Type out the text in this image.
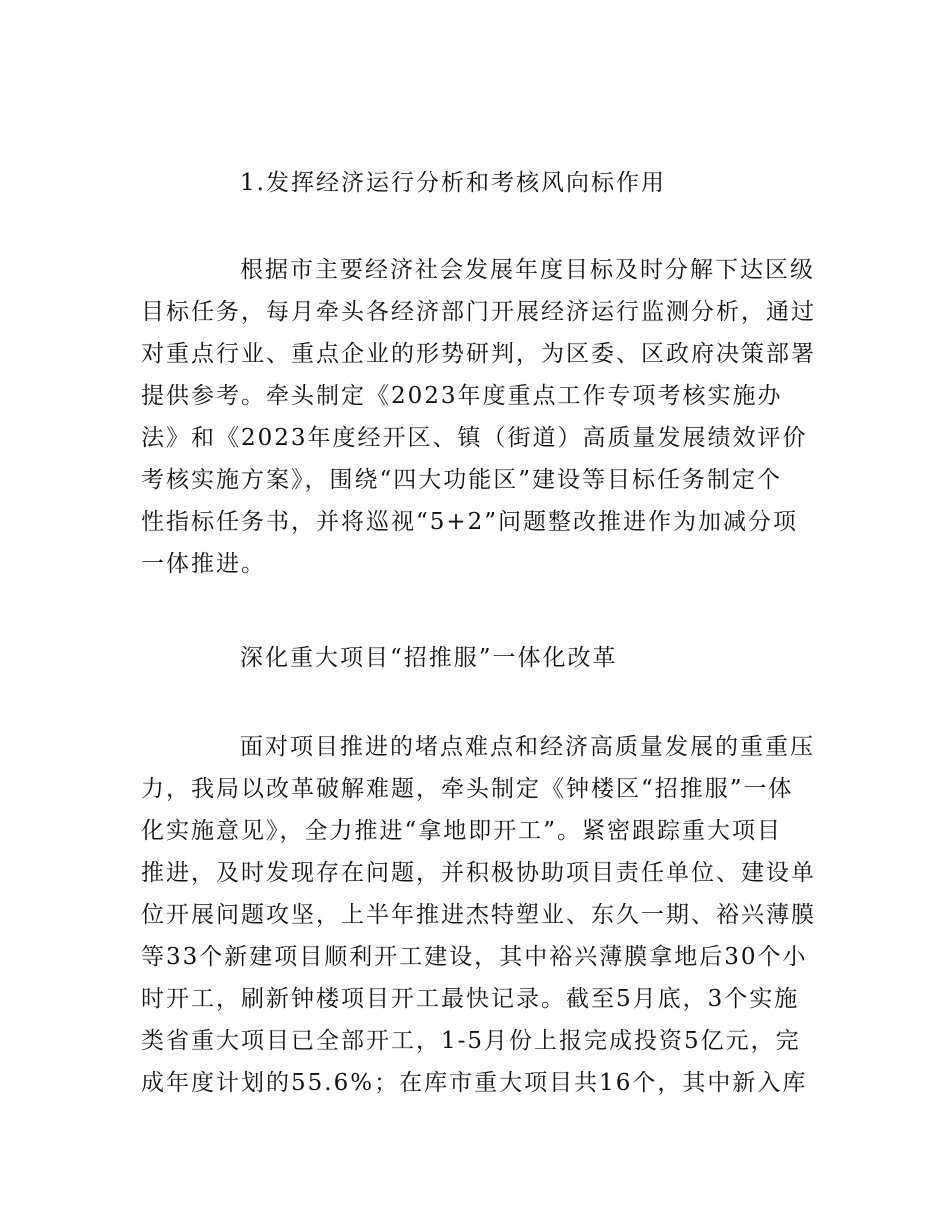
1.发挥经济运行分析和考核风向标作用
根据市主要经济社会发展年度目标及时分解下达区级
目标任务，每月牵头各经济部门开展经济运行监测分析，通过
对重点行业、重点企业的形势研判，为区委、区政府决策部署
提供参考。牵头制定《2023年度重点工作专项考核实施办
法》和《2023年度经开区、镇（街道）高质量发展绩效评价
考核实施方案》，围绕“四大功能区”建设等目标任务制定个
性指标任务书，并将巡视“5+2”问题整改推进作为加减分项
一体推进。
深化重大项目“招推服”一体化改革
面对项目推进的堵点难点和经济高质量发展的重重压
力，我局以改革破解难题，牵头制定《钟楼区“招推服”一体
化实施意见》，全力推进“拿地即开工”。紧密跟踪重大项目
推进，及时发现存在问题，并积极协助项目责任单位、建设单
位开展问题攻坚，上半年推进杰特塑业、东久一期、裕兴薄膜
等33个新建项目顺利开工建设，其中裕兴薄膜拿地后30个小
时开工，刷新钟楼项目开工最快记录。截至5月底，3个实施
类省重大项目已全部开工，1-5月份上报完成投资5亿元，完
成年度计划的55.6%；在库市重大项目共16个，其中新入库
